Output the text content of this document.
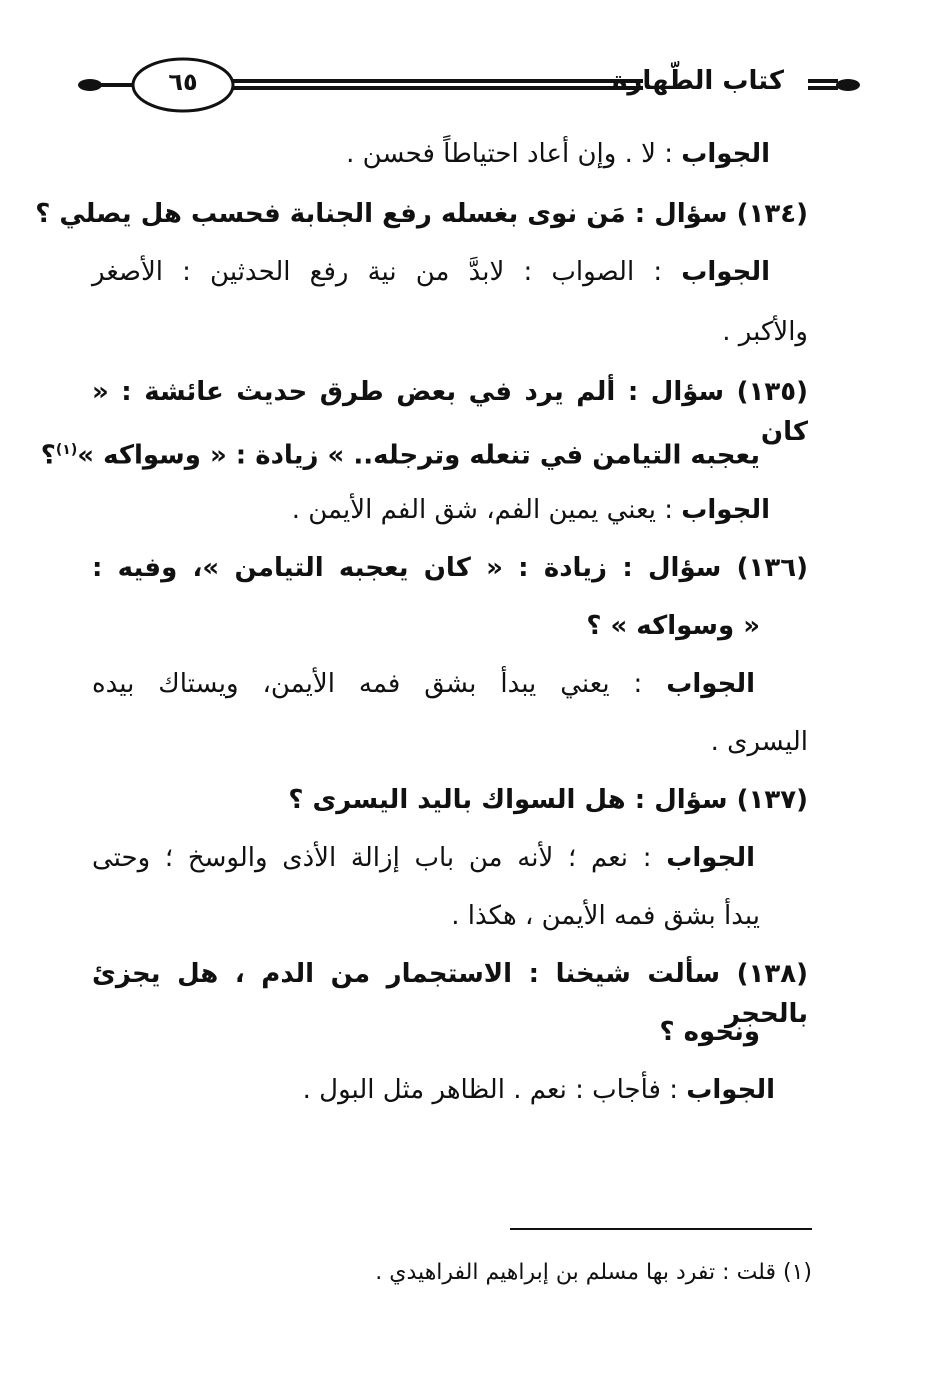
٦٥	كتاب الطّهارة
الجواب : لا . وإن أعاد احتياطاً فحسن .
(١٣٤) سؤال : مَن نوى بغسله رفع الجنابة فحسب هل يصلي ؟
الجواب : الصواب : لابدَّ من نية رفع الحدثين : الأصغر
والأكبر .
(١٣٥) سؤال : ألم يرد في بعض طرق حديث عائشة : « كان
يعجبه التيامن في تنعله وترجله.. » زيادة : « وسواكه »$^{(١)}$؟
الجواب : يعني يمين الفم، شق الفم الأيمن .
(١٣٦) سؤال : زيادة : « كان يعجبه التيامن »، وفيه :
« وسواكه » ؟
الجواب : يعني يبدأ بشق فمه الأيمن، ويستاك بيده
اليسرى .
(١٣٧) سؤال : هل السواك باليد اليسرى ؟
الجواب : نعم ؛ لأنه من باب إزالة الأذى والوسخ ؛ وحتى
يبدأ بشق فمه الأيمن ، هكذا .
(١٣٨) سألت شيخنا : الاستجمار من الدم ، هل يجزئ بالحجر
ونحوه ؟
الجواب : فأجاب : نعم . الظاهر مثل البول .
(١) قلت : تفرد بها مسلم بن إبراهيم الفراهيدي .
